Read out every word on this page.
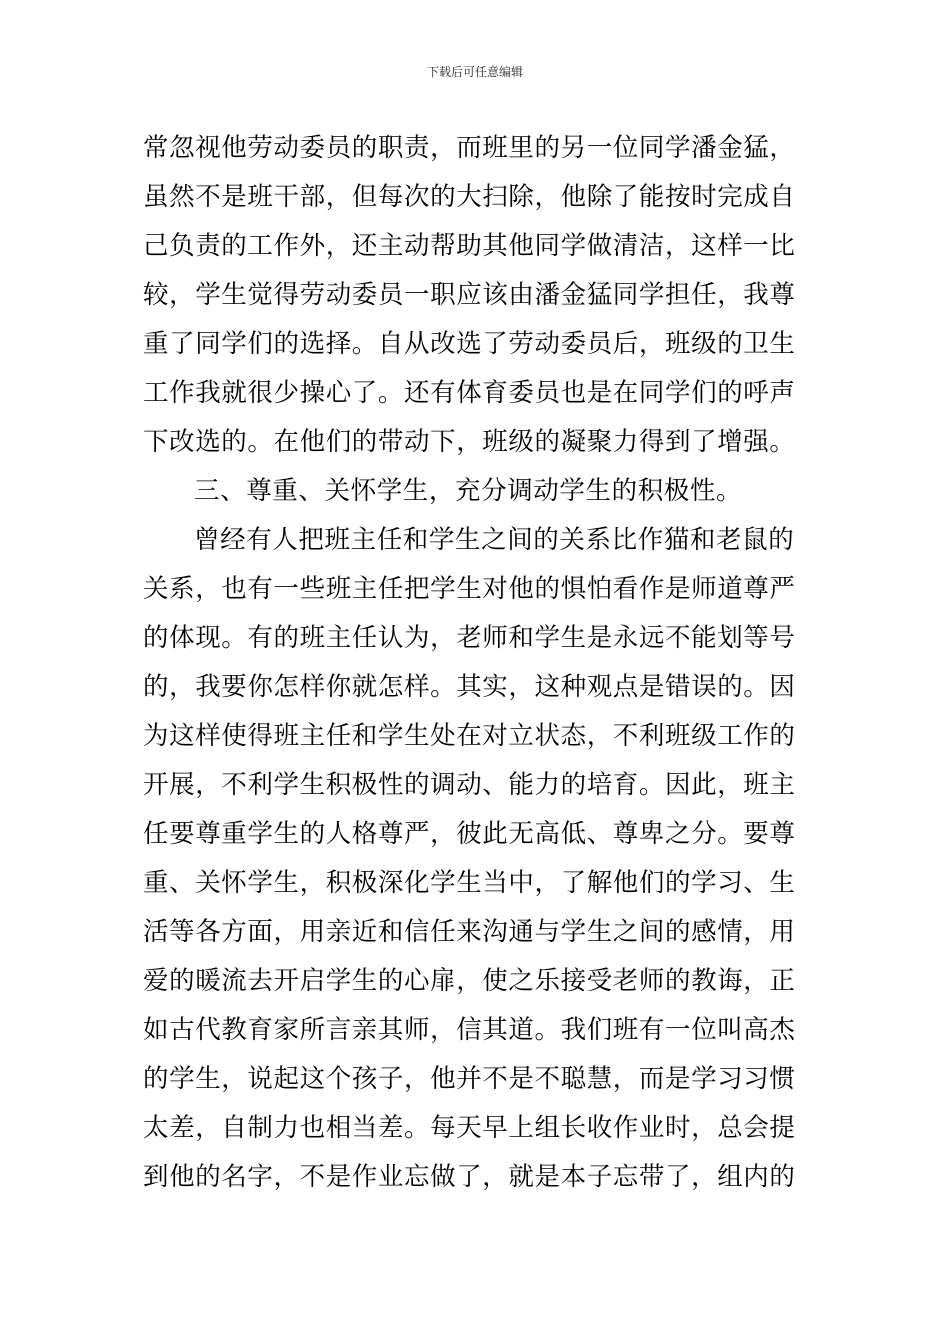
下载后可任意编辑
常忽视他劳动委员的职责，而班里的另一位同学潘金猛，
虽然不是班干部，但每次的大扫除，他除了能按时完成自
己负责的工作外，还主动帮助其他同学做清洁，这样一比
较，学生觉得劳动委员一职应该由潘金猛同学担任，我尊
重了同学们的选择。自从改选了劳动委员后，班级的卫生
工作我就很少操心了。还有体育委员也是在同学们的呼声
下改选的。在他们的带动下，班级的凝聚力得到了增强。
三、尊重、关怀学生，充分调动学生的积极性。
曾经有人把班主任和学生之间的关系比作猫和老鼠的
关系，也有一些班主任把学生对他的惧怕看作是师道尊严
的体现。有的班主任认为，老师和学生是永远不能划等号
的，我要你怎样你就怎样。其实，这种观点是错误的。因
为这样使得班主任和学生处在对立状态，不利班级工作的
开展，不利学生积极性的调动、能力的培育。因此，班主
任要尊重学生的人格尊严，彼此无高低、尊卑之分。要尊
重、关怀学生，积极深化学生当中，了解他们的学习、生
活等各方面，用亲近和信任来沟通与学生之间的感情，用
爱的暖流去开启学生的心扉，使之乐接受老师的教诲，正
如古代教育家所言亲其师，信其道。我们班有一位叫高杰
的学生，说起这个孩子，他并不是不聪慧，而是学习习惯
太差，自制力也相当差。每天早上组长收作业时，总会提
到他的名字，不是作业忘做了，就是本子忘带了，组内的
